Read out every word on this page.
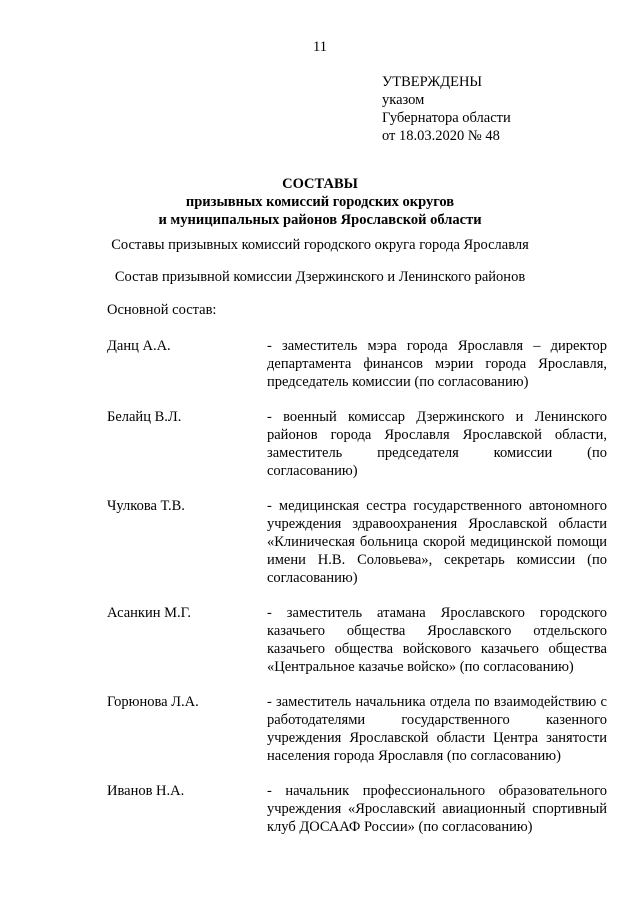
11
УТВЕРЖДЕНЫ
указом
Губернатора области
от 18.03.2020 № 48
СОСТАВЫ
призывных комиссий городских округов
и муниципальных районов Ярославской области
Составы призывных комиссий городского округа города Ярославля
Состав призывной комиссии Дзержинского и Ленинского районов
Основной состав:
Данц А.А.	- заместитель мэра города Ярославля – директор департамента финансов мэрии города Ярославля, председатель комиссии (по согласованию)
Белайц В.Л.	- военный комиссар Дзержинского и Ленинского районов города Ярославля Ярославской области, заместитель председателя комиссии (по согласованию)
Чулкова Т.В.	- медицинская сестра государственного автономного учреждения здравоохранения Ярославской области «Клиническая больница скорой медицинской помощи имени Н.В. Соловьева», секретарь комиссии (по согласованию)
Асанкин М.Г.	- заместитель атамана Ярославского городского казачьего общества Ярославского отдельского казачьего общества войскового казачьего общества «Центральное казачье войско» (по согласованию)
Горюнова Л.А.	- заместитель начальника отдела по взаимодействию с работодателями государственного казенного учреждения Ярославской области Центра занятости населения города Ярославля (по согласованию)
Иванов Н.А.	- начальник профессионального образовательного учреждения «Ярославский авиационный спортивный клуб ДОСААФ России» (по согласованию)
